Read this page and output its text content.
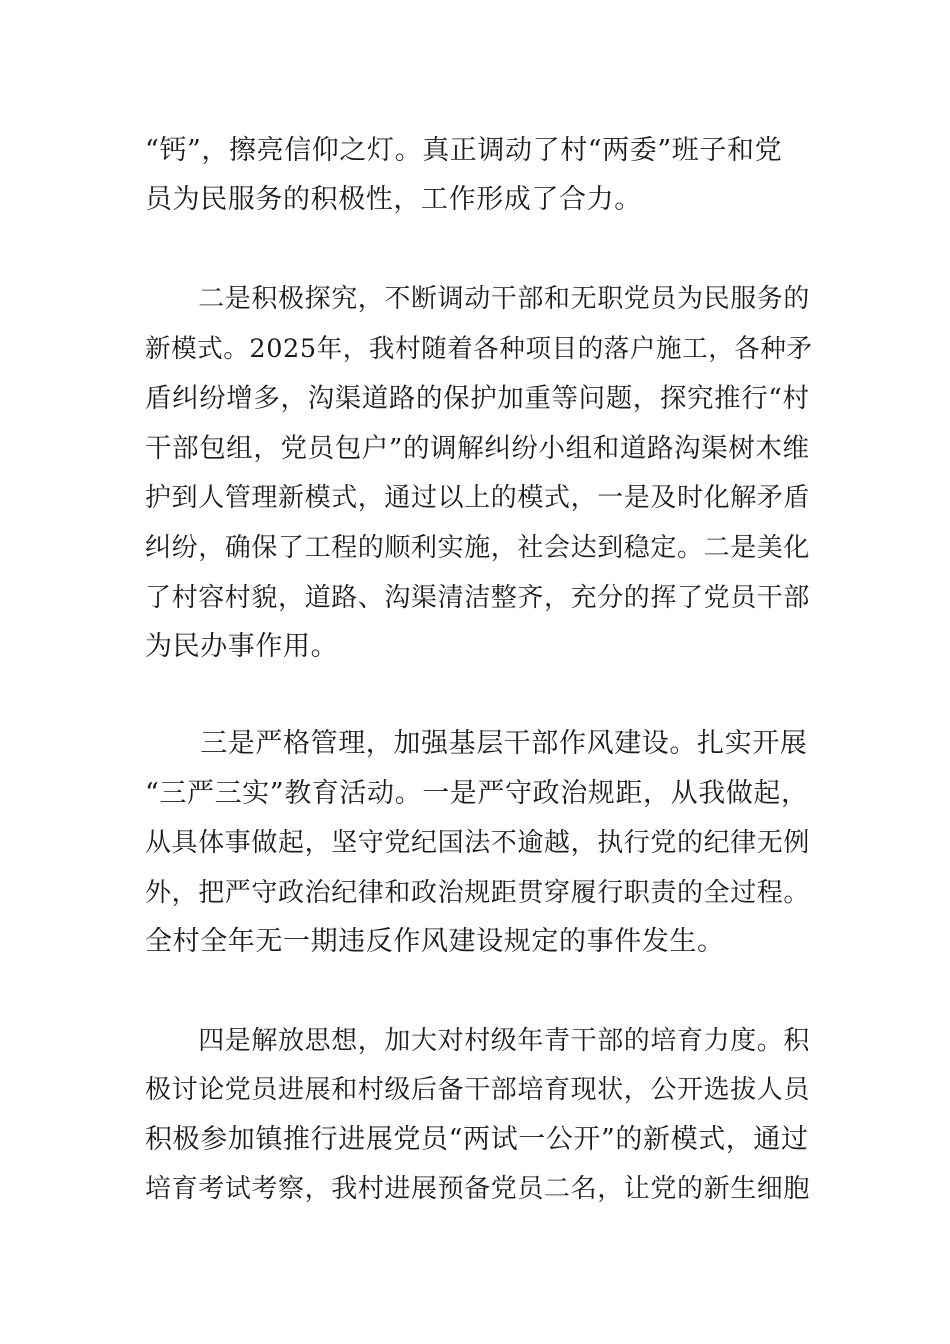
“钙”，擦亮信仰之灯。真正调动了村“两委”班子和党
员为民服务的积极性，工作形成了合力。
　　二是积极探究，不断调动干部和无职党员为民服务的
新模式。2025年，我村随着各种项目的落户施工，各种矛
盾纠纷增多，沟渠道路的保护加重等问题，探究推行“村
干部包组，党员包户”的调解纠纷小组和道路沟渠树木维
护到人管理新模式，通过以上的模式，一是及时化解矛盾
纠纷，确保了工程的顺利实施，社会达到稳定。二是美化
了村容村貌，道路、沟渠清洁整齐，充分的挥了党员干部
为民办事作用。
　　三是严格管理，加强基层干部作风建设。扎实开展
“三严三实”教育活动。一是严守政治规距，从我做起，
从具体事做起，坚守党纪国法不逾越，执行党的纪律无例
外，把严守政治纪律和政治规距贯穿履行职责的全过程。
全村全年无一期违反作风建设规定的事件发生。
　　四是解放思想，加大对村级年青干部的培育力度。积
极讨论党员进展和村级后备干部培育现状，公开选拔人员
积极参加镇推行进展党员“两试一公开”的新模式，通过
培育考试考察，我村进展预备党员二名，让党的新生细胞
